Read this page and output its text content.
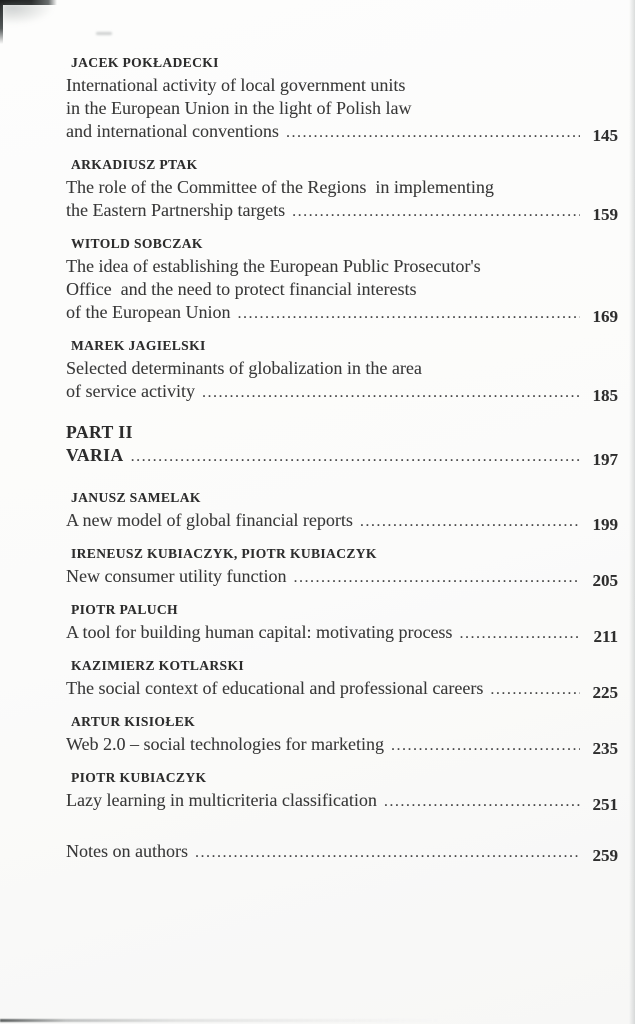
JACEK POKŁADECKI
International activity of local government units
in the European Union in the light of Polish law
and international conventions .....	145
ARKADIUSZ PTAK
The role of the Committee of the Regions  in implementing
the Eastern Partnership targets .....	159
WITOLD SOBCZAK
The idea of establishing the European Public Prosecutor's
Office  and the need to protect financial interests
of the European Union .....	169
MAREK JAGIELSKI
Selected determinants of globalization in the area
of service activity .....	185
PART II
VARIA .....	197
JANUSZ SAMELAK
A new model of global financial reports .....	199
IRENEUSZ KUBIACZYK, PIOTR KUBIACZYK
New consumer utility function .....	205
PIOTR PALUCH
A tool for building human capital: motivating process .....	211
KAZIMIERZ KOTLARSKI
The social context of educational and professional careers .....	225
ARTUR KISIOŁEK
Web 2.0 – social technologies for marketing .....	235
PIOTR KUBIACZYK
Lazy learning in multicriteria classification .....	251
Notes on authors .....	259
